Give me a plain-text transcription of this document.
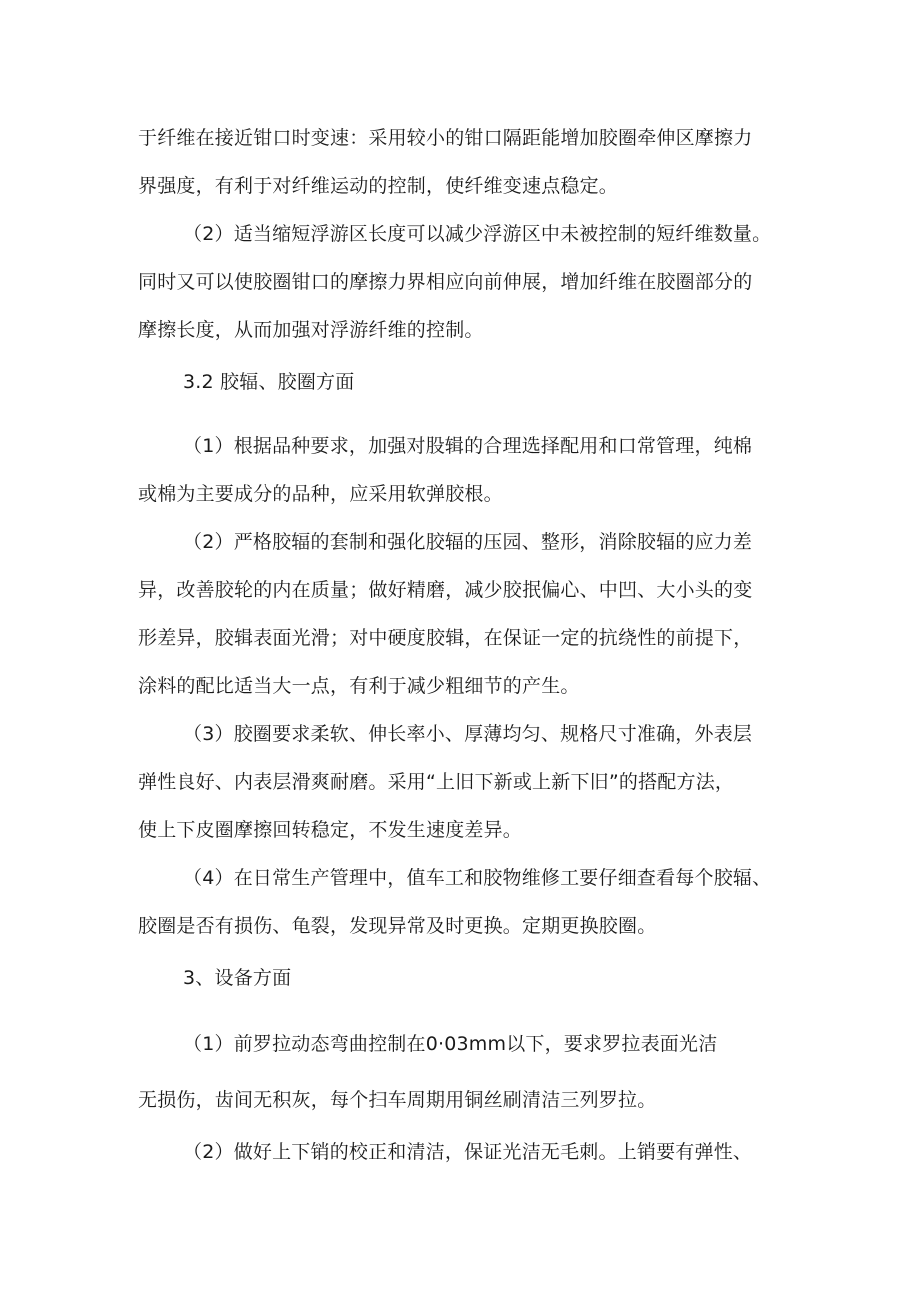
于纤维在接近钳口时变速：采用较小的钳口隔距能增加胶圈牵伸区摩擦力
界强度，有利于对纤维运动的控制，使纤维变速点稳定。
（2）适当缩短浮游区长度可以减少浮游区中未被控制的短纤维数量。
同时又可以使胶圈钳口的摩擦力界相应向前伸展，增加纤维在胶圈部分的
摩擦长度，从而加强对浮游纤维的控制。
3.2 胶辐、胶圈方面
（1）根据品种要求，加强对股辑的合理选择配用和口常管理，纯棉
或棉为主要成分的品种，应采用软弹胶根。
（2）严格胶辐的套制和强化胶辐的压园、整形，消除胶辐的应力差
异，改善胶轮的内在质量；做好精磨，减少胶抿偏心、中凹、大小头的变
形差异，胶辑表面光滑；对中硬度胶辑，在保证一定的抗绕性的前提下，
涂料的配比适当大一点，有利于减少粗细节的产生。
（3）胶圈要求柔软、伸长率小、厚薄均匀、规格尺寸准确，外表层
弹性良好、内表层滑爽耐磨。采用“上旧下新或上新下旧”的搭配方法，
使上下皮圈摩擦回转稳定，不发生速度差异。
（4）在日常生产管理中，值车工和胶物维修工要仔细查看每个胶辐、
胶圈是否有损伤、龟裂，发现异常及时更换。定期更换胶圈。
3、设备方面
（1）前罗拉动态弯曲控制在0·03mm以下，要求罗拉表面光洁
无损伤，齿间无积灰，每个扫车周期用铜丝刷清洁三列罗拉。
（2）做好上下销的校正和清洁，保证光洁无毛刺。上销要有弹性、
